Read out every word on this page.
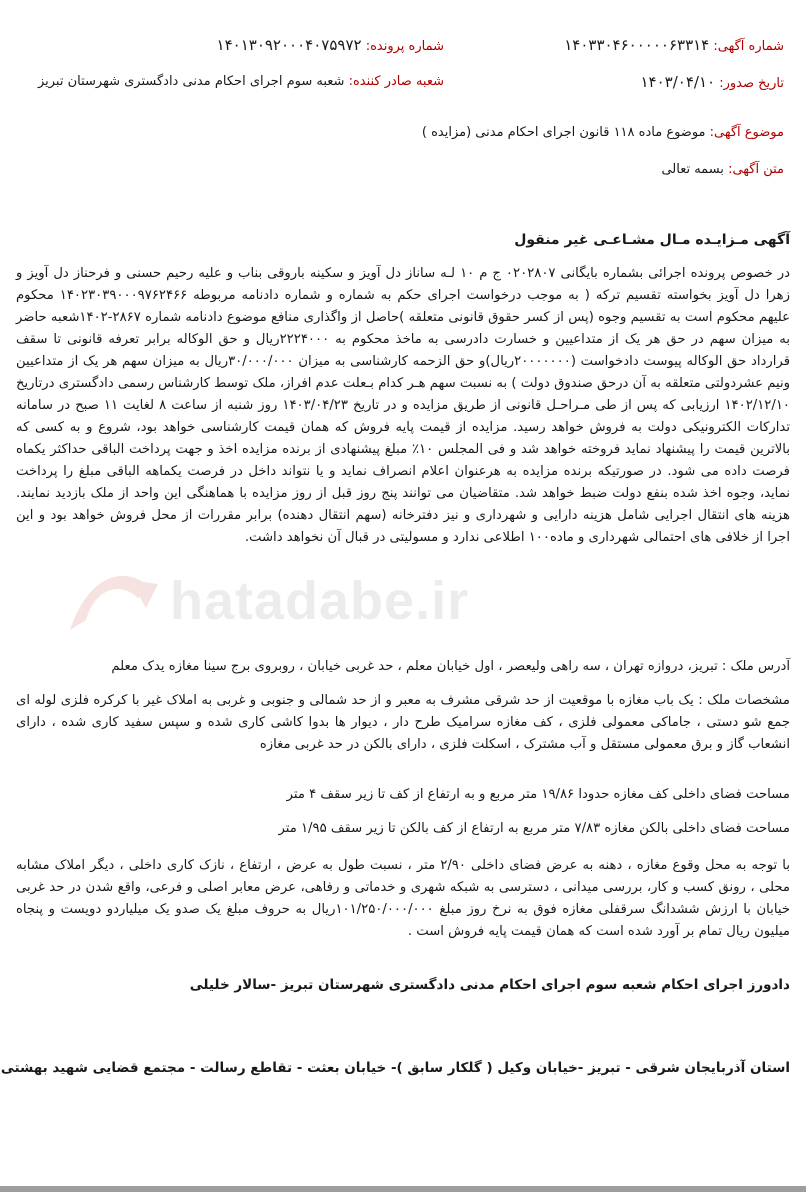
شماره آگهی: ۱۴۰۳۳۰۴۶۰۰۰۰۰۶۳۳۱۴
شماره پرونده: ۱۴۰۱۳۰۹۲۰۰۰۴۰۷۵۹۷۲
تاریخ صدور: ۱۴۰۳/۰۴/۱۰
شعبه صادر کننده: شعبه سوم اجرای احکام مدنی دادگستری شهرستان تبریز
موضوع آگهی: موضوع ماده ۱۱۸ قانون اجرای احکام مدنی (مزایده )
متن آگهی: بسمه تعالی
hatadabe.ir
آگهی مـزایـده مـال مشـاعـی غیر منقول

در خصوص پرونده اجرائی بشماره بایگانی ۰۲۰۲۸۰۷ ج م ۱۰ لـه ساناز دل آویز و سکینه باروقی بناب و علیه رحیم حسنی و فرحناز دل آویز و زهرا دل آویز بخواسته تقسیم ترکه ( به موجب درخواست اجرای حکم به شماره و شماره دادنامه مربوطه ۱۴۰۲۳۰۳۹۰۰۰۹۷۶۲۴۶۶ محکوم علیهم محکوم است به تقسیم وجوه (پس از کسر حقوق قانونی متعلقه )حاصل از واگذاری منافع موضوع دادنامه شماره ۲۸۶۷-۱۴۰۲شعبه حاضر به میزان سهم در حق هر یک از متداعیین و خسارت دادرسی به ماخذ محکوم به ۲۲۲۴۰۰۰ریال و حق الوکاله برابر تعرفه قانونی تا سقف قرارداد حق الوکاله پیوست دادخواست (۲۰۰۰۰۰۰۰ریال)و حق الزحمه کارشناسی به میزان ۳۰/۰۰۰/۰۰۰ریال به میزان سهم هر یک از متداعیین ونیم عشردولتی متعلقه به آن درحق صندوق دولت ) به نسبت سهم هـر کدام بـعلت عدم افراز، ملک توسط کارشناس رسمی دادگستری درتاریخ ۱۴۰۲/۱۲/۱۰ ارزیابی که پس از طی مـراحـل قانونی از طریق مزایده و در تاریخ ۱۴۰۳/۰۴/۲۳ روز شنبه از ساعت ۸ لغایت ۱۱ صبح در سامانه تدارکات الکترونیکی دولت به فروش خواهد رسید. مزایده از قیمت پایه فروش که همان قیمت کارشناسی خواهد بود، شروع و به کسی که بالاترین قیمت را پیشنهاد نماید فروخته خواهد شد و فی المجلس ۱۰٪ مبلغ پیشنهادی از برنده مزایده اخذ و جهت پرداخت الباقی حداکثر یکماه فرصت داده می شود. در صورتیکه برنده مزایده به هرعنوان اعلام انصراف نماید و یا نتواند داخل در فرصت یکماهه الباقی مبلغ را پرداخت نماید، وجوه اخذ شده بنفع دولت ضبط خواهد شد. متقاضیان می توانند پنج روز قبل از روز مزایده با هماهنگی این واحد از ملک بازدید نمایند. هزینه های انتقال اجرایی شامل هزینه دارایی و شهرداری و نیز دفترخانه (سهم انتقال دهنده) برابر مقررات از محل فروش خواهد بود و این اجرا از خلافی های احتمالی شهرداری و ماده۱۰۰ اطلاعی ندارد و مسولیتی در قبال آن نخواهد داشت.

آدرس ملک : تبریز، دروازه تهران ، سه راهی ولیعصر ، اول خیابان معلم ، حد غربی خیابان ، روبروی برج سینا مغازه یدک معلم

مشخصات ملک : یک باب مغازه با موقعیت از حد شرقی مشرف به معبر و از حد شمالی و جنوبی و غربی به املاک غیر با کرکره فلزی لوله ای جمع شو دستی ، جاماکی معمولی فلزی ، کف مغازه سرامیک طرح دار ، دیوار ها بدوا کاشی کاری شده و سپس سفید کاری شده ، دارای انشعاب گاز و برق معمولی مستقل و آب مشترک ، اسکلت فلزی ، دارای بالکن در حد غربی مغازه

مساحت فضای داخلی کف مغازه حدودا ۱۹/۸۶ متر مربع و به ارتفاع از کف تا زیر سقف ۴ متر

مساحت فضای داخلی بالکن مغازه ۷/۸۳ متر مربع به ارتفاع از کف بالکن تا زیر سقف ۱/۹۵ متر

با توجه به محل وقوع مغازه ، دهنه به عرض فضای داخلی ۲/۹۰ متر ، نسبت طول به عرض ، ارتفاع ، نازک کاری داخلی ، دیگر املاک مشابه محلی ، رونق کسب و کار، بررسی میدانی ، دسترسی به شبکه شهری و خدماتی و رفاهی، عرض معابر اصلی و فرعی، واقع شدن در حد غربی خیابان با ارزش ششدانگ سرقفلی مغازه فوق به نرخ روز مبلغ ۱۰۱/۲۵۰/۰۰۰/۰۰۰ریال به حروف مبلغ یک صدو یک میلیاردو دویست و پنجاه میلیون ریال تمام بر آورد شده است که همان قیمت پایه فروش است .

دادورز اجرای احکام شعبه سوم اجرای احکام مدنی دادگستری شهرستان تبریز -سالار خلیلی
استان آذربایجان شرقی - تبریز -خیابان وکیل ( گلکار سابق )- خیابان بعثت - تقاطع رسالت - مجتمع قضایی شهید بهشتی
